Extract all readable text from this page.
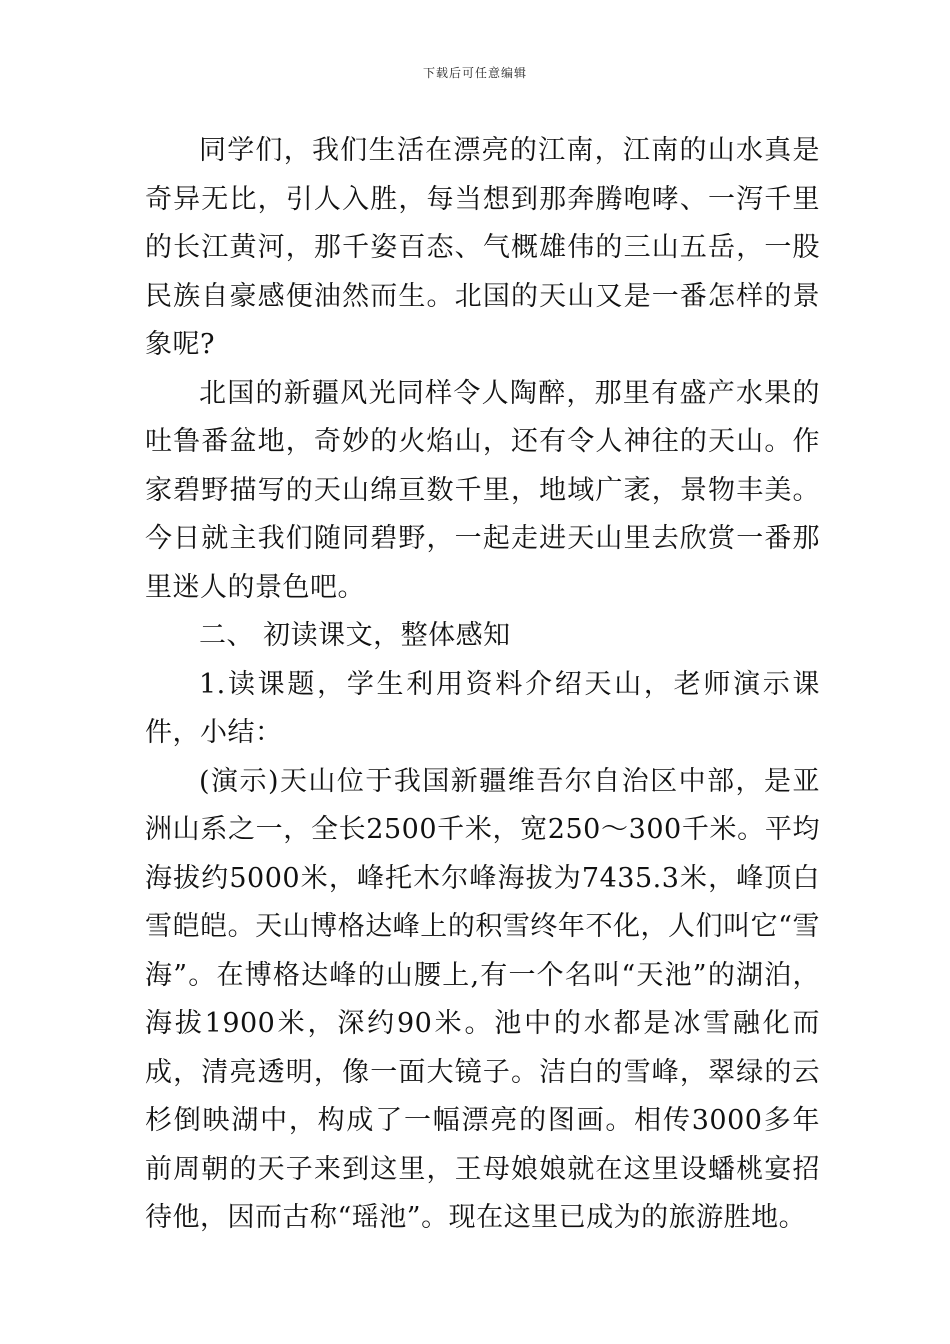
下载后可任意编辑

同学们，我们生活在漂亮的江南，江南的山水真是奇异无比，引人入胜，每当想到那奔腾咆哮、一泻千里的长江黄河，那千姿百态、气概雄伟的三山五岳，一股民族自豪感便油然而生。北国的天山又是一番怎样的景象呢?

北国的新疆风光同样令人陶醉，那里有盛产水果的吐鲁番盆地，奇妙的火焰山，还有令人神往的天山。作家碧野描写的天山绵亘数千里，地域广袤，景物丰美。今日就主我们随同碧野，一起走进天山里去欣赏一番那里迷人的景色吧。

二、 初读课文，整体感知

1.读课题，学生利用资料介绍天山，老师演示课件，小结：

(演示)天山位于我国新疆维吾尔自治区中部，是亚洲山系之一，全长2500千米，宽250～300千米。平均海拔约5000米，峰托木尔峰海拔为7435.3米，峰顶白雪皑皑。天山博格达峰上的积雪终年不化，人们叫它“雪海”。在博格达峰的山腰上,有一个名叫“天池”的湖泊，海拔1900米，深约90米。池中的水都是冰雪融化而成，清亮透明，像一面大镜子。洁白的雪峰，翠绿的云杉倒映湖中，构成了一幅漂亮的图画。相传3000多年前周朝的天子来到这里，王母娘娘就在这里设蟠桃宴招待他，因而古称“瑶池”。现在这里已成为的旅游胜地。
